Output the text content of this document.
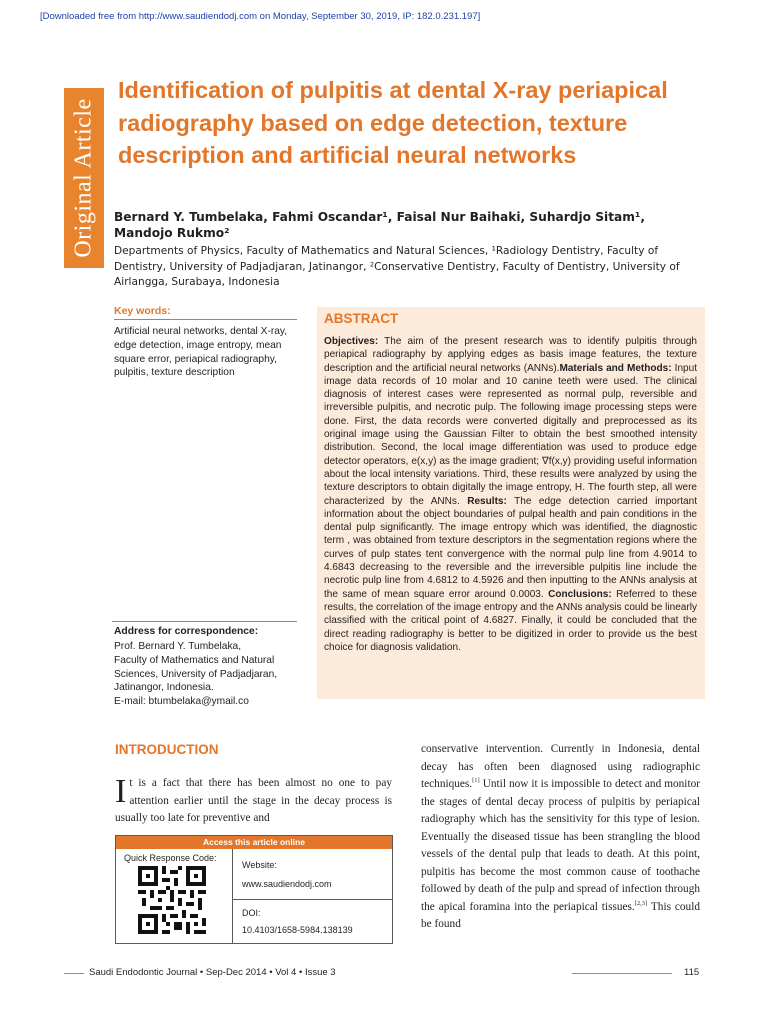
[Downloaded free from http://www.saudiendodj.com on Monday, September 30, 2019, IP: 182.0.231.197]
Original Article
Identification of pulpitis at dental X-ray periapical radiography based on edge detection, texture description and artificial neural networks
Bernard Y. Tumbelaka, Fahmi Oscandar¹, Faisal Nur Baihaki, Suhardjo Sitam¹, Mandojo Rukmo²
Departments of Physics, Faculty of Mathematics and Natural Sciences, ¹Radiology Dentistry, Faculty of Dentistry, University of Padjadjaran, Jatinangor, ²Conservative Dentistry, Faculty of Dentistry, University of Airlangga, Surabaya, Indonesia
Key words:
Artificial neural networks, dental X-ray, edge detection, image entropy, mean square error, periapical radiography, pulpitis, texture description
Address for correspondence:
Prof. Bernard Y. Tumbelaka,
Faculty of Mathematics and Natural
Sciences, University of Padjadjaran,
Jatinangor, Indonesia.
E-mail: btumbelaka@ymail.co
ABSTRACT
Objectives: The aim of the present research was to identify pulpitis through periapical radiography by applying edges as basis image features, the texture description and the artificial neural networks (ANNs).Materials and Methods: Input image data records of 10 molar and 10 canine teeth were used. The clinical diagnosis of interest cases were represented as normal pulp, reversible and irreversible pulpitis, and necrotic pulp. The following image processing steps were done. First, the data records were converted digitally and preprocessed as its original image using the Gaussian Filter to obtain the best smoothed intensity distribution. Second, the local image differentiation was used to produce edge detector operators, e(x,y) as the image gradient; ∇f(x,y) providing useful information about the local intensity variations. Third, these results were analyzed by using the texture descriptors to obtain digitally the image entropy, H. The fourth step, all were characterized by the ANNs. Results: The edge detection carried important information about the object boundaries of pulpal health and pain conditions in the dental pulp significantly. The image entropy which was identified, the diagnostic term , was obtained from texture descriptors in the segmentation regions where the curves of pulp states tent convergence with the normal pulp line from 4.9014 to 4.6843 decreasing to the reversible and the irreversible pulpitis line include the necrotic pulp line from 4.6812 to 4.5926 and then inputting to the ANNs analysis at the same of mean square error around 0.0003. Conclusions: Referred to these results, the correlation of the image entropy and the ANNs analysis could be linearly classified with the critical point of 4.6827. Finally, it could be concluded that the direct reading radiography is better to be digitized in order to provide us the best choice for diagnosis validation.
INTRODUCTION
It is a fact that there has been almost no one to pay attention earlier until the stage in the decay process is usually too late for preventive and
Access this article online
Quick Response Code:
Website:
www.saudiendodj.com
DOI:
10.4103/1658-5984.138139
conservative intervention. Currently in Indonesia, dental decay has often been diagnosed using radiographic techniques.[1] Until now it is impossible to detect and monitor the stages of dental decay process of pulpitis by periapical radiography which has the sensitivity for this type of lesion. Eventually the diseased tissue has been strangling the blood vessels of the dental pulp that leads to death. At this point, pulpitis has become the most common cause of toothache followed by death of the pulp and spread of infection through the apical foramina into the periapical tissues.[2,3] This could be found
Saudi Endodontic Journal • Sep-Dec 2014 • Vol 4 • Issue 3	115
